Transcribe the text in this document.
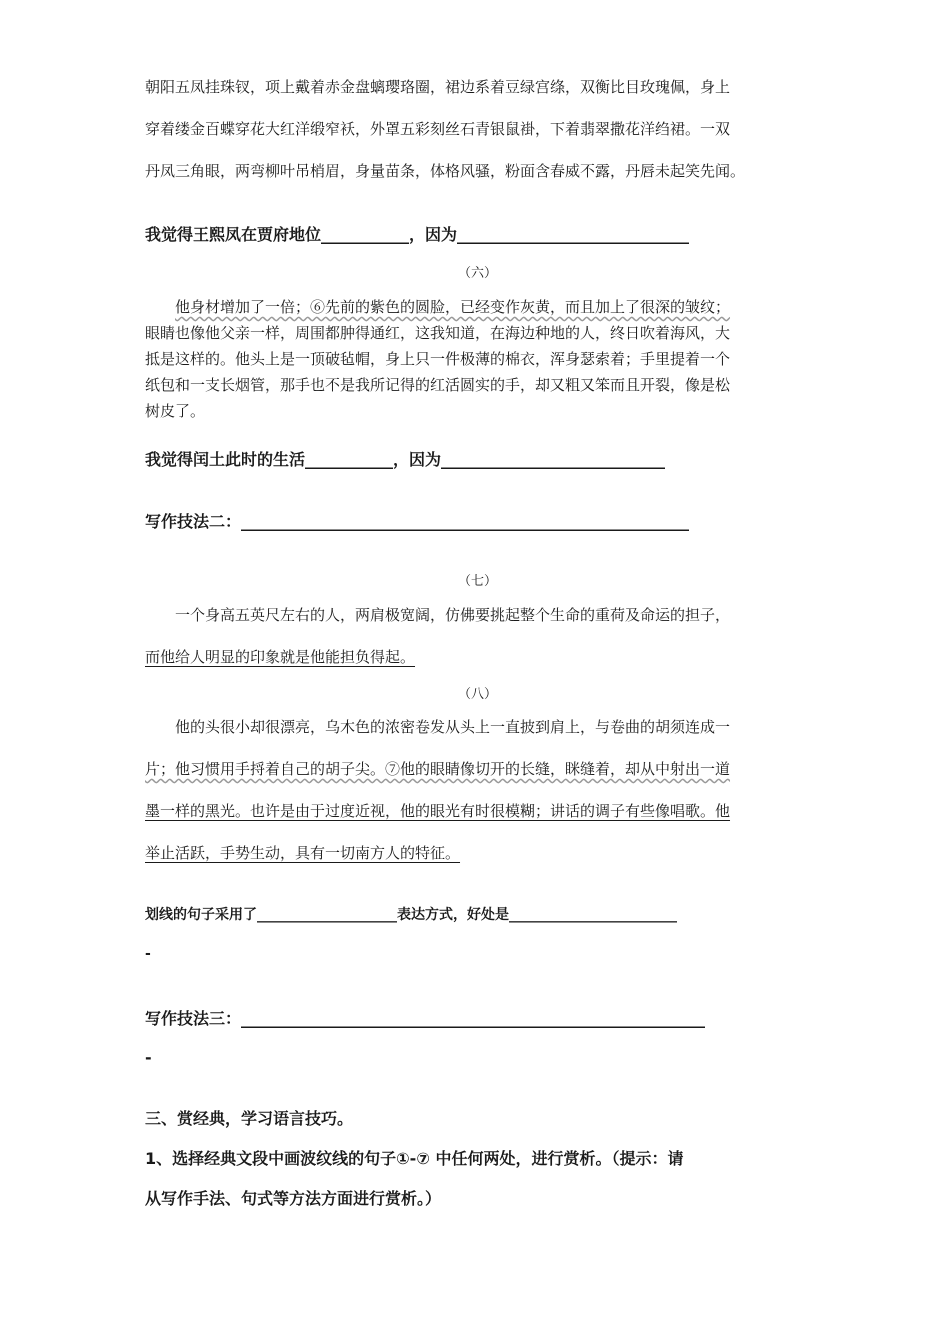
朝阳五凤挂珠钗，项上戴着赤金盘螭璎珞圈，裙边系着豆绿宫绦，双衡比目玫瑰佩，身上
穿着缕金百蝶穿花大红洋缎窄袄，外罩五彩刻丝石青银鼠褂，下着翡翠撒花洋绉裙。一双
丹凤三角眼，两弯柳叶吊梢眉，身量苗条，体格风骚，粉面含春威不露，丹唇未起笑先闻。
我觉得王熙凤在贾府地位___________，因为_____________________________
（六）
他身材增加了一倍；⑥先前的紫色的圆脸，已经变作灰黄，而且加上了很深的皱纹；
眼睛也像他父亲一样，周围都肿得通红，这我知道，在海边种地的人，终日吹着海风，大
抵是这样的。他头上是一顶破毡帽，身上只一件极薄的棉衣，浑身瑟索着；手里提着一个
纸包和一支长烟管，那手也不是我所记得的红活圆实的手，却又粗又笨而且开裂，像是松
树皮了。
我觉得闰土此时的生活___________，因为____________________________
写作技法二：________________________________________________________
（七）
一个身高五英尺左右的人，两肩极宽阔，仿佛要挑起整个生命的重荷及命运的担子，
而他给人明显的印象就是他能担负得起。
（八）
他的头很小却很漂亮，乌木色的浓密卷发从头上一直披到肩上，与卷曲的胡须连成一
片；他习惯用手捋着自己的胡子尖。⑦他的眼睛像切开的长缝，眯缝着，却从中射出一道
墨一样的黑光。也许是由于过度近视，他的眼光有时很模糊；讲话的调子有些像唱歌。他
举止活跃，手势生动，具有一切南方人的特征。
划线的句子采用了____________________表达方式，好处是________________________
-
写作技法三：__________________________________________________________
-
三、赏经典，学习语言技巧。
1、选择经典文段中画波纹线的句子①-⑦ 中任何两处，进行赏析。（提示：请
从写作手法、句式等方法方面进行赏析。）
